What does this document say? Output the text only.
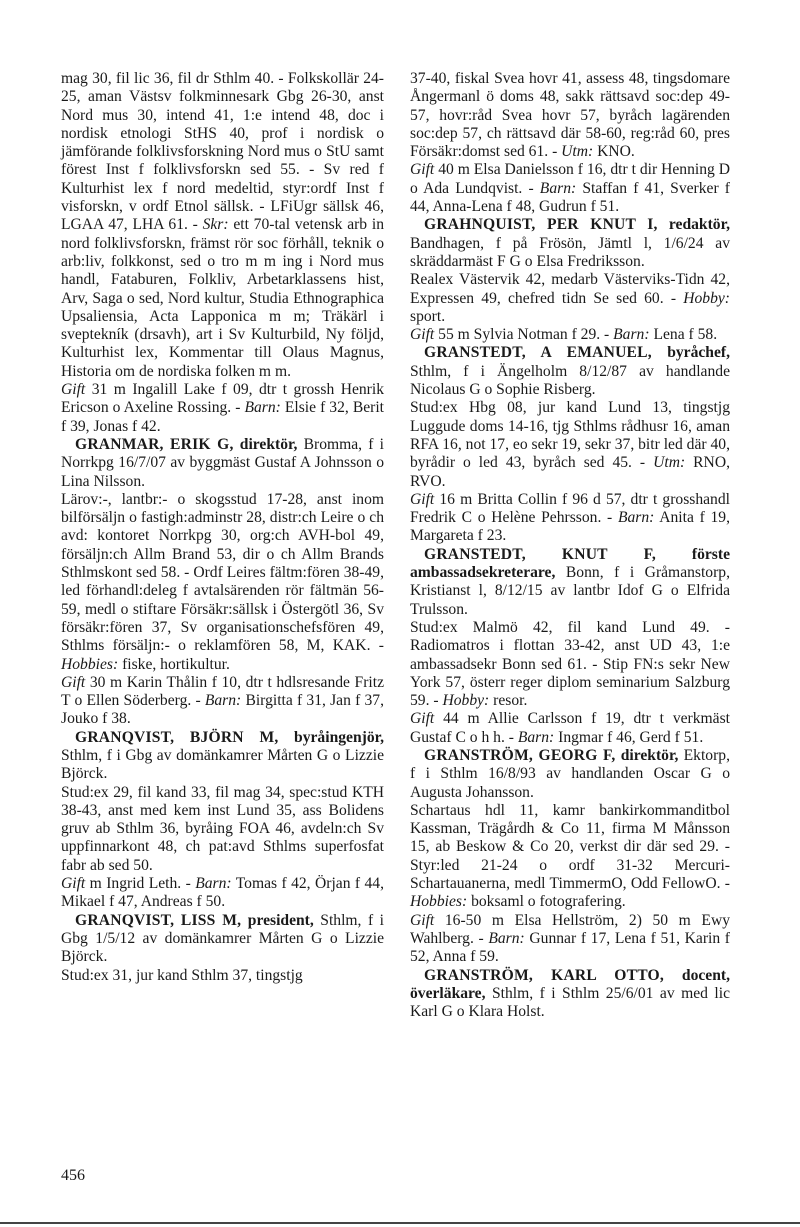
mag 30, fil lic 36, fil dr Sthlm 40. - Folkskollär 24-25, aman Västsv folkminnesark Gbg 26-30, anst Nord mus 30, intend 41, 1:e intend 48, doc i nordisk etnologi StHS 40, prof i nordisk o jämförande folklivsforskning Nord mus o StU samt förest Inst f folklivsforskn sed 55. - Sv red f Kulturhist lex f nord medeltid, styr:ordf Inst f visforskn, v ordf Etnol sällsk. - LFiUgr sällsk 46, LGAA 47, LHA 61. - Skr: ett 70-tal vetensk arb in nord folklivsforskn, främst rör soc förhåll, teknik o arb:liv, folkkonst, sed o tro m m ing i Nord mus handl, Fataburen, Folkliv, Arbetarklassens hist, Arv, Saga o sed, Nord kultur, Studia Ethnographica Upsaliensia, Acta Lapponica m m; Träkärl i sveptekník (drsavh), art i Sv Kulturbild, Ny följd, Kulturhist lex, Kommentar till Olaus Magnus, Historia om de nordiska folken m m.

Gift 31 m Ingalill Lake f 09, dtr t grossh Henrik Ericson o Axeline Rossing. - Barn: Elsie f 32, Berit f 39, Jonas f 42.

GRANMAR, ERIK G, direktör, Bromma, f i Norrkpg 16/7/07 av byggmäst Gustaf A Johnsson o Lina Nilsson.

Lärov:-, lantbr:- o skogsstud 17-28, anst inom bilförsäljn o fastigh:adminstr 28, distr:ch Leire o ch avd: kontoret Norrkpg 30, org:ch AVH-bol 49, försäljn:ch Allm Brand 53, dir o ch Allm Brands Sthlmskont sed 58. - Ordf Leires fältm:fören 38-49, led förhandl:deleg f avtalsärenden rör fältmän 56-59, medl o stiftare Försäkr:sällsk i Östergötl 36, Sv försäkr:fören 37, Sv organisationschefsfören 49, Sthlms försäljn:- o reklamfören 58, M, KAK. - Hobbies: fiske, hortikultur.

Gift 30 m Karin Thålin f 10, dtr t hdlsresande Fritz T o Ellen Söderberg. - Barn: Birgitta f 31, Jan f 37, Jouko f 38.

GRANQVIST, BJÖRN M, byråingenjör, Sthlm, f i Gbg av domänkamrer Mårten G o Lizzie Björck.

Stud:ex 29, fil kand 33, fil mag 34, spec:stud KTH 38-43, anst med kem inst Lund 35, ass Bolidens gruv ab Sthlm 36, byråing FOA 46, avdeln:ch Sv uppfinnarkont 48, ch pat:avd Sthlms superfosfat fabr ab sed 50.

Gift m Ingrid Leth. - Barn: Tomas f 42, Örjan f 44, Mikael f 47, Andreas f 50.

GRANQVIST, LISS M, president, Sthlm, f i Gbg 1/5/12 av domänkamrer Mårten G o Lizzie Björck.

Stud:ex 31, jur kand Sthlm 37, tingstjg

37-40, fiskal Svea hovr 41, assess 48, tingsdomare Ångermanl ö doms 48, sakk rättsavd soc:dep 49-57, hovr:råd Svea hovr 57, byråch lagärenden soc:dep 57, ch rättsavd där 58-60, reg:råd 60, pres Försäkr:domst sed 61. - Utm: KNO.

Gift 40 m Elsa Danielsson f 16, dtr t dir Henning D o Ada Lundqvist. - Barn: Staffan f 41, Sverker f 44, Anna-Lena f 48, Gudrun f 51.

GRAHNQUIST, PER KNUT I, redaktör, Bandhagen, f på Frösön, Jämtl l, 1/6/24 av skräddarmäst F G o Elsa Fredriksson.

Realex Västervik 42, medarb Västerviks-Tidn 42, Expressen 49, chefred tidn Se sed 60. - Hobby: sport.

Gift 55 m Sylvia Notman f 29. - Barn: Lena f 58.

GRANSTEDT, A EMANUEL, byråchef, Sthlm, f i Ängelholm 8/12/87 av handlande Nicolaus G o Sophie Risberg.

Stud:ex Hbg 08, jur kand Lund 13, tingstjg Luggude doms 14-16, tjg Sthlms rådhusr 16, aman RFA 16, not 17, eo sekr 19, sekr 37, bitr led där 40, byrådir o led 43, byråch sed 45. - Utm: RNO, RVO.

Gift 16 m Britta Collin f 96 d 57, dtr t grosshandl Fredrik C o Helène Pehrsson. - Barn: Anita f 19, Margareta f 23.

GRANSTEDT, KNUT F, förste ambassadsekreterare, Bonn, f i Gråmanstorp, Kristianst l, 8/12/15 av lantbr Idof G o Elfrida Trulsson.

Stud:ex Malmö 42, fil kand Lund 49. - Radiomatros i flottan 33-42, anst UD 43, 1:e ambassadsekr Bonn sed 61. - Stip FN:s sekr New York 57, österr reger diplom seminarium Salzburg 59. - Hobby: resor.

Gift 44 m Allie Carlsson f 19, dtr t verkmäst Gustaf C o h h. - Barn: Ingmar f 46, Gerd f 51.

GRANSTRÖM, GEORG F, direktör, Ektorp, f i Sthlm 16/8/93 av handlanden Oscar G o Augusta Johansson.

Schartaus hdl 11, kamr bankirkommanditbol Kassman, Trägårdh & Co 11, firma M Månsson 15, ab Beskow & Co 20, verkst dir där sed 29. - Styr:led 21-24 o ordf 31-32 Mercuri-Schartauanerna, medl TimmermO, Odd FellowO. - Hobbies: boksaml o fotografering.

Gift 16-50 m Elsa Hellström, 2) 50 m Ewy Wahlberg. - Barn: Gunnar f 17, Lena f 51, Karin f 52, Anna f 59.

GRANSTRÖM, KARL OTTO, docent, överläkare, Sthlm, f i Sthlm 25/6/01 av med lic Karl G o Klara Holst.

456
